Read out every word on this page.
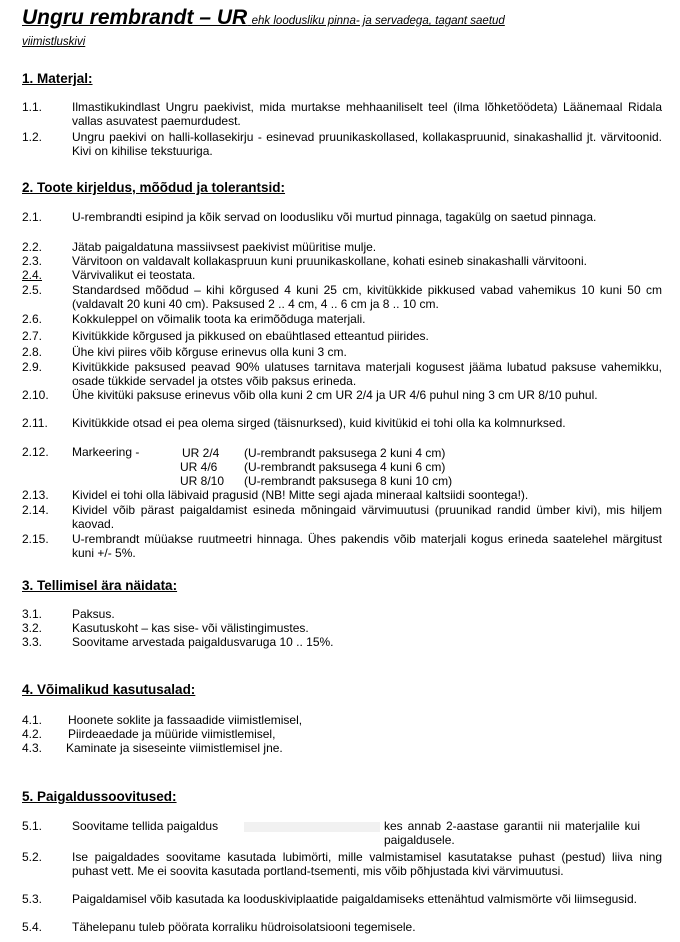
Ungru rembrandt – UR ehk loodusliku pinna- ja servadega, tagant saetud
viimistluskivi
1. Materjal:
1.1.	Ilmastikukindlast Ungru paekivist, mida murtakse mehhaaniliselt teel (ilma lõhketöödeta) Läänemaal Ridala vallas asuvatest paemurdudest.
1.2.	Ungru paekivi on halli-kollasekirju - esinevad pruunikaskollased, kollakaspruunid, sinakashallid jt. värvitoonid. Kivi on kihilise tekstuuriga.
2. Toote kirjeldus, mõõdud ja tolerantsid:
2.1.	U-rembrandti esipind ja kõik servad on loodusliku või murtud pinnaga, tagakülg on saetud pinnaga.
2.2.	Jätab paigaldatuna massiivsest paekivist müüritise mulje.
2.3.	Värvitoon on valdavalt kollakaspruun kuni pruunikaskollane, kohati esineb sinakashalli värvitooni.
2.4.	Värvivalikut ei teostata.
2.5.	Standardsed mõõdud – kihi kõrgused 4 kuni 25 cm, kivitükkide pikkused vabad vahemikus 10 kuni 50 cm (valdavalt 20 kuni 40 cm). Paksused 2 .. 4 cm, 4 .. 6 cm ja 8 .. 10 cm.
2.6.	Kokkuleppel on võimalik toota ka erimõõduga materjali.
2.7.	Kivitükkide kõrgused ja pikkused on ebaühtlased etteantud piirides.
2.8.	Ühe kivi piires võib kõrguse erinevus olla kuni 3 cm.
2.9.	Kivitükkide paksused peavad 90% ulatuses tarnitava materjali kogusest jääma lubatud paksuse vahemikku, osade tükkide servadel ja otstes võib paksus erineda.
2.10.	Ühe kivitüki paksuse erinevus võib olla kuni 2 cm UR 2/4 ja UR 4/6 puhul ning 3 cm UR 8/10 puhul.
2.11.	Kivitükkide otsad ei pea olema sirged (täisnurksed), kuid kivitükid ei tohi olla ka kolmnurksed.
2.12.	Markeering -	UR 2/4 (U-rembrandt paksusega 2 kuni 4 cm)
UR 4/6 (U-rembrandt paksusega 4 kuni 6 cm)
UR 8/10 (U-rembrandt paksusega 8 kuni 10 cm)
2.13.	Kividel ei tohi olla läbivaid pragusid (NB! Mitte segi ajada mineraal kaltsiidi soontega!).
2.14.	Kividel võib pärast paigaldamist esineda mõningaid värvimuutusi (pruunikad randid ümber kivi), mis hiljem kaovad.
2.15.	U-rembrandt müüakse ruutmeetri hinnaga. Ühes pakendis võib materjali kogus erineda saatelehel märgitust kuni +/- 5%.
3. Tellimisel ära näidata:
3.1.	Paksus.
3.2.	Kasutuskoht – kas sise- või välistingimustes.
3.3.	Soovitame arvestada paigaldusvaruga 10 .. 15%.
4. Võimalikud kasutusalad:
4.1.	Hoonete soklite ja fassaadide viimistlemisel,
4.2.	Piirdeaedade ja müüride viimistlemisel,
4.3.	Kaminate ja siseseinte viimistlemisel jne.
5. Paigaldussoovitused:
5.1.	Soovitame tellida paigaldus	kes annab 2-aastase garantii nii materjalile kui paigaldusele.
5.2.	Ise paigaldades soovitame kasutada lubimörti, mille valmistamisel kasutatakse puhast (pestud) liiva ning puhast vett. Me ei soovita kasutada portland-tsementi, mis võib põhjustada kivi värvimuutusi.
5.3.	Paigaldamisel võib kasutada ka looduskiviplaatide paigaldamiseks ettenähtud valmismörte või liimsegusid.
5.4.	Tähelepanu tuleb pöörata korraliku hüdroisolatsiooni tegemisele.
